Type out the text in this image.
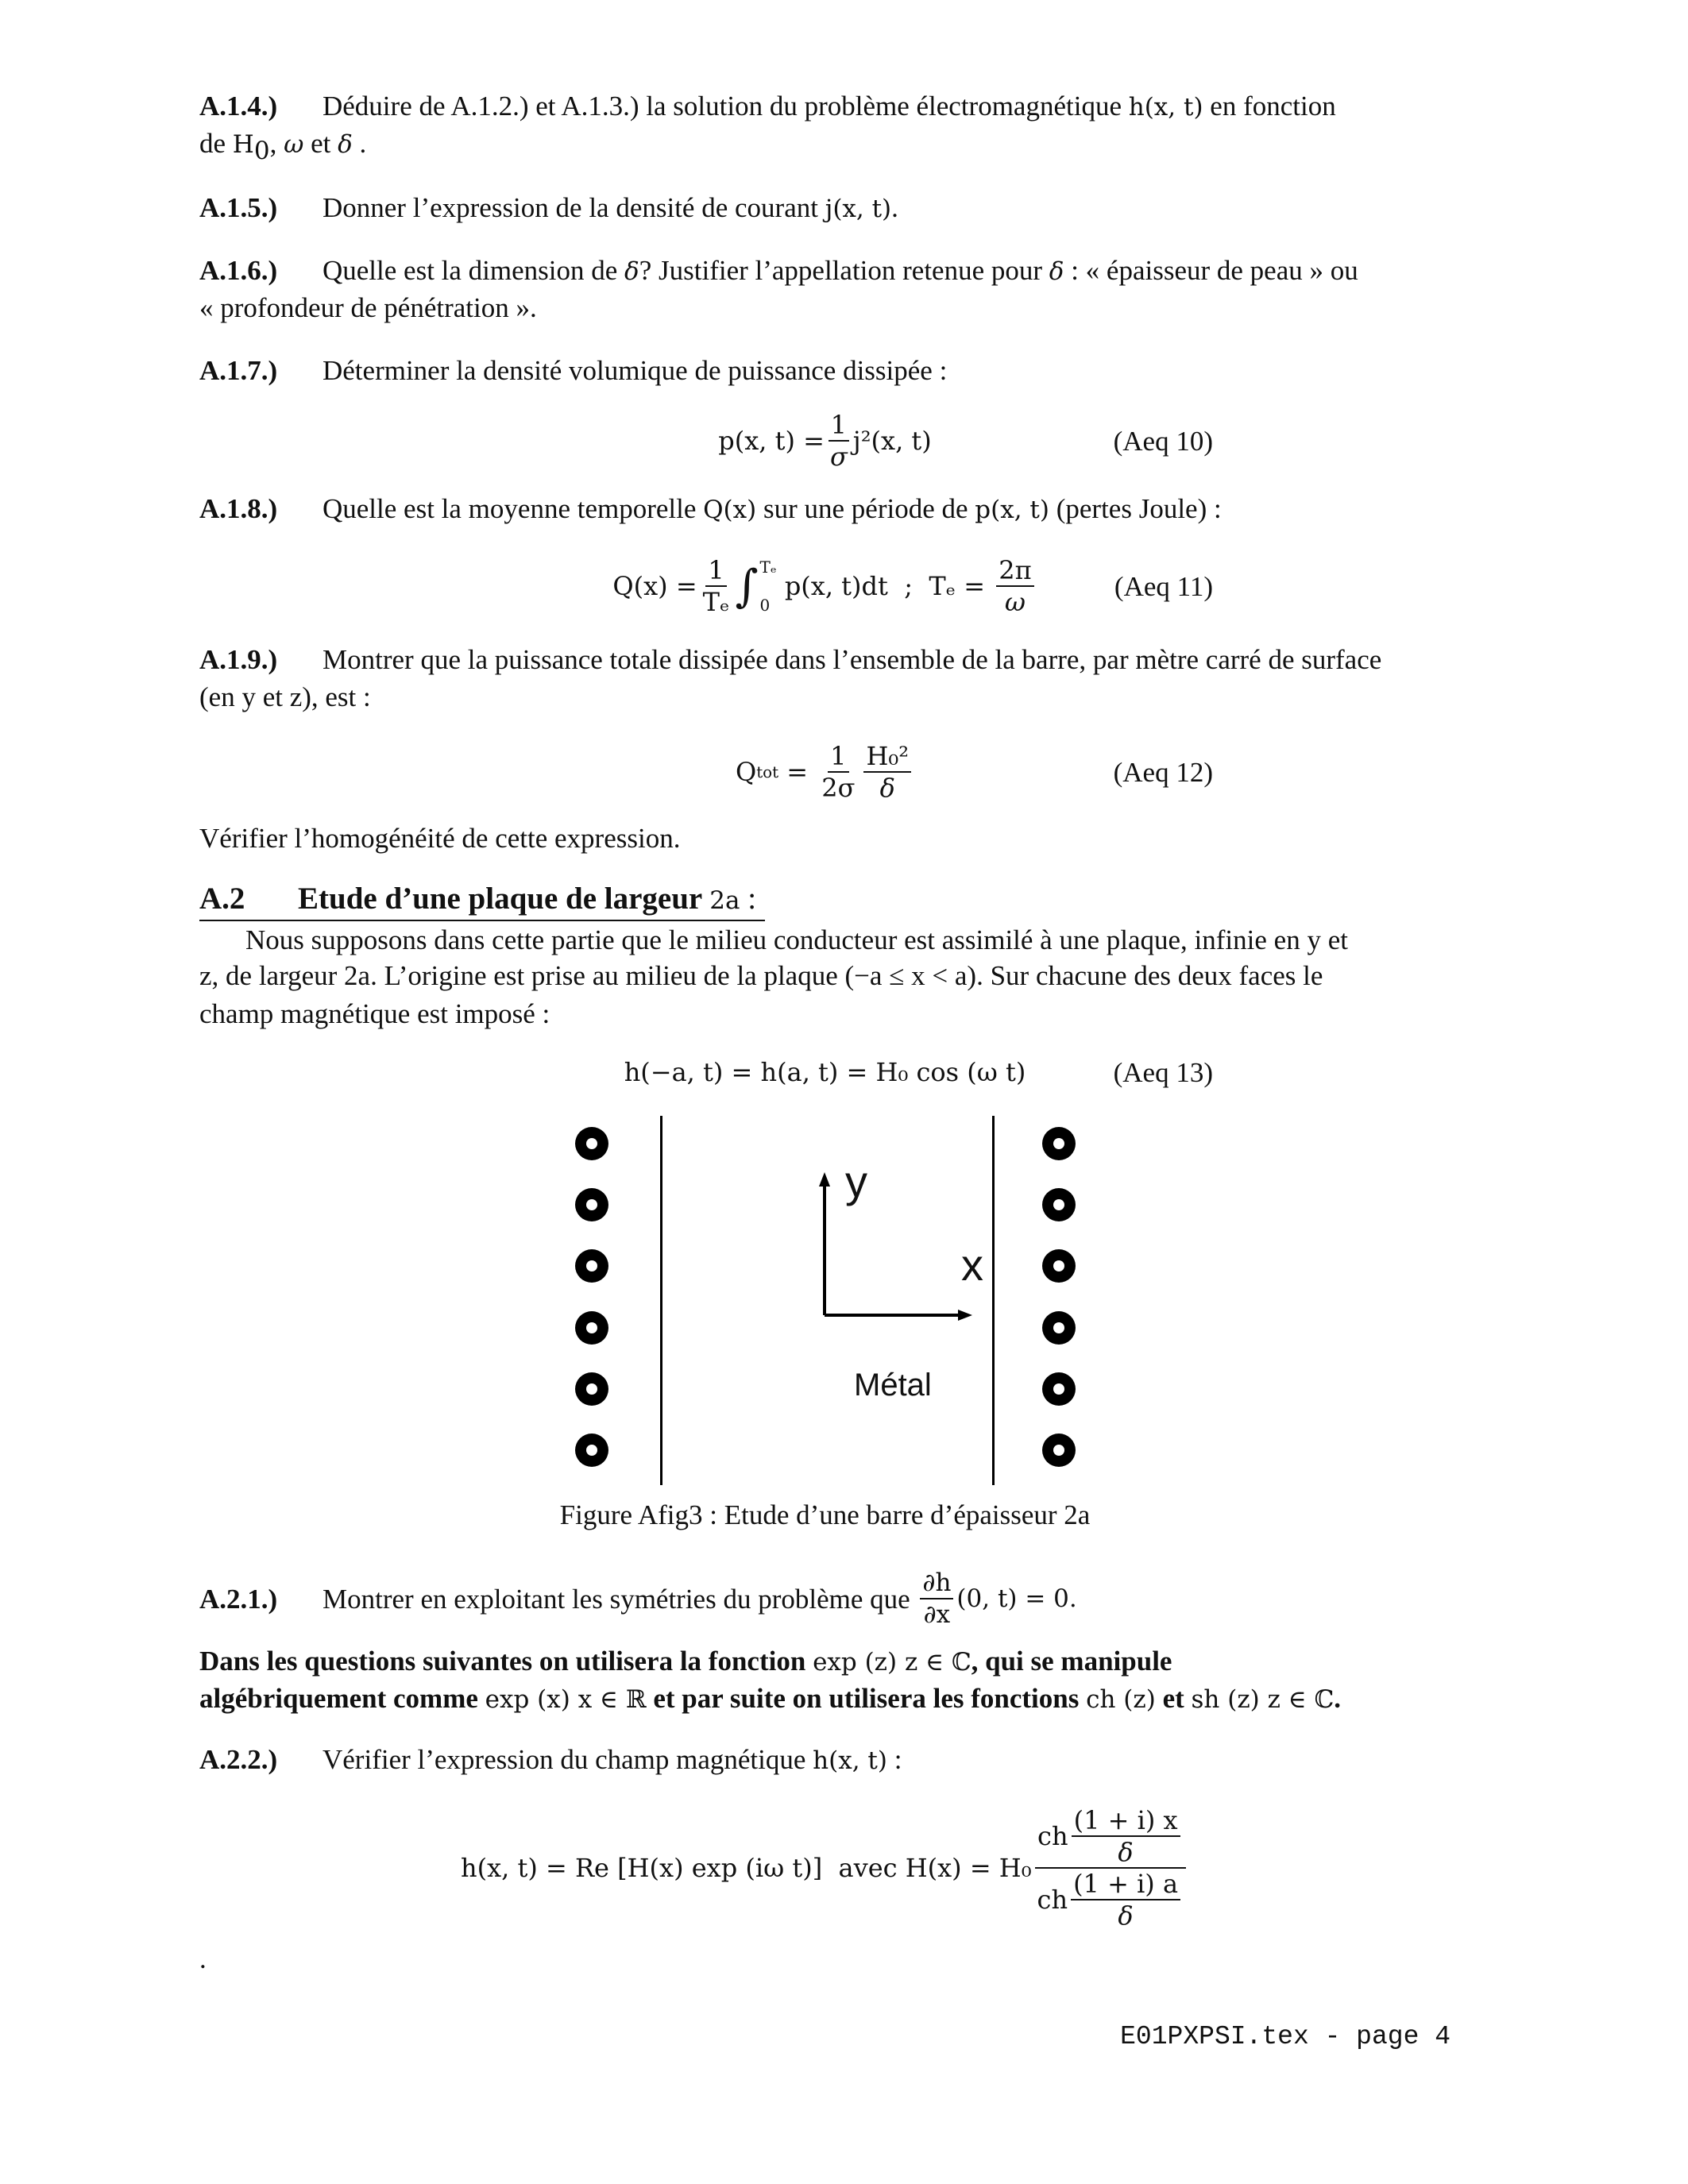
A.1.4.) Déduire de A.1.2.) et A.1.3.) la solution du problème électromagnétique h(x, t) en fonction
de $H_0$, ω et δ .
A.1.5.) Donner l’expression de la densité de courant j(x, t).
A.1.6.) Quelle est la dimension de δ? Justifier l’appellation retenue pour δ : « épaisseur de peau » ou
« profondeur de pénétration ».
A.1.7.) Déterminer la densité volumique de puissance dissipée :
p(x, $t) = \frac{1}{\sigma} j^2(x$, t)	(Aeq 10)
A.1.8.) Quelle est la moyenne temporelle Q(x) sur une période de p(x, t) (pertes Joule) :
$Q(x) = \frac{1}{\text{Tₑ}}$ ∫ Tₑ
0
p(x, t)dt  ;  $T_e = \frac{2\pi}{\omega}$	(Aeq 11)
A.1.9.) Montrer que la puissance totale dissipée dans l’ensemble de la barre, par mètre carré de surface
(en y et z), est :
Q tot = $\frac{1}{2\sigma} \frac{\text{H₀²}}{\delta}$	(Aeq 12)
Vérifier l’homogénéité de cette expression.
A.2 Etude d’une plaque de largeur 2a :
Nous supposons dans cette partie que le milieu conducteur est assimilé à une plaque, infinie en y et
z, de largeur 2a. L’origine est prise au milieu de la plaque (−a ≤ x < a). Sur chacune des deux faces le
champ magnétique est imposé :
h(−a, t) = h(a, t) = H₀ cos (ω t)	(Aeq 13)
y
x
Métal
Figure Afig3 : Etude d’une barre d’épaisseur 2a
A.2.1.)	Montrer en exploitant les symétries du problème que $\frac{\partial h}{\partial x} (0$, t) = 0.
Dans les questions suivantes on utilisera la fonction exp (z) z ∈ ℂ, qui se manipule
algébriquement comme exp (x) x ∈ ℝ et par suite on utilisera les fonctions ch (z) et sh (z) z ∈ ℂ.
A.2.2.) Vérifier l’expression du champ magnétique h(x, t) :
h(x, t) = Re [H(x) exp (iω t)]  avec H(x) = H₀
ch $\frac{(1 + i) x}{\delta}$
ch $\frac{(1 + i) a}{\delta}$
.
E01PXPSI.tex - page 4
